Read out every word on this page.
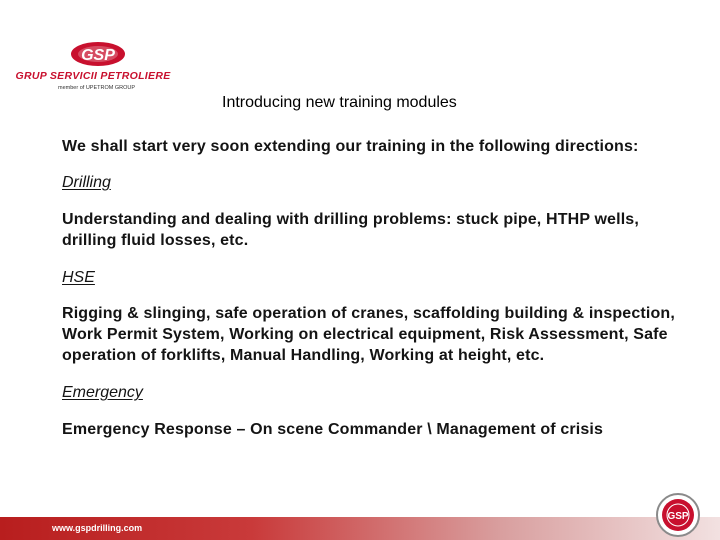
GSP
GRUP SERVICII PETROLIERE
member of UPETROM GROUP
Introducing new training modules

We shall start very soon extending our training in the following directions:

Drilling

Understanding and dealing with drilling problems: stuck pipe, HTHP wells, drilling fluid losses, etc.

HSE

Rigging & slinging, safe operation of cranes, scaffolding building & inspection, Work Permit System, Working on electrical equipment, Risk Assessment, Safe operation of forklifts, Manual Handling, Working at height, etc.

Emergency

Emergency Response – On scene Commander \ Management of crisis

www.gspdrilling.com
GSP
